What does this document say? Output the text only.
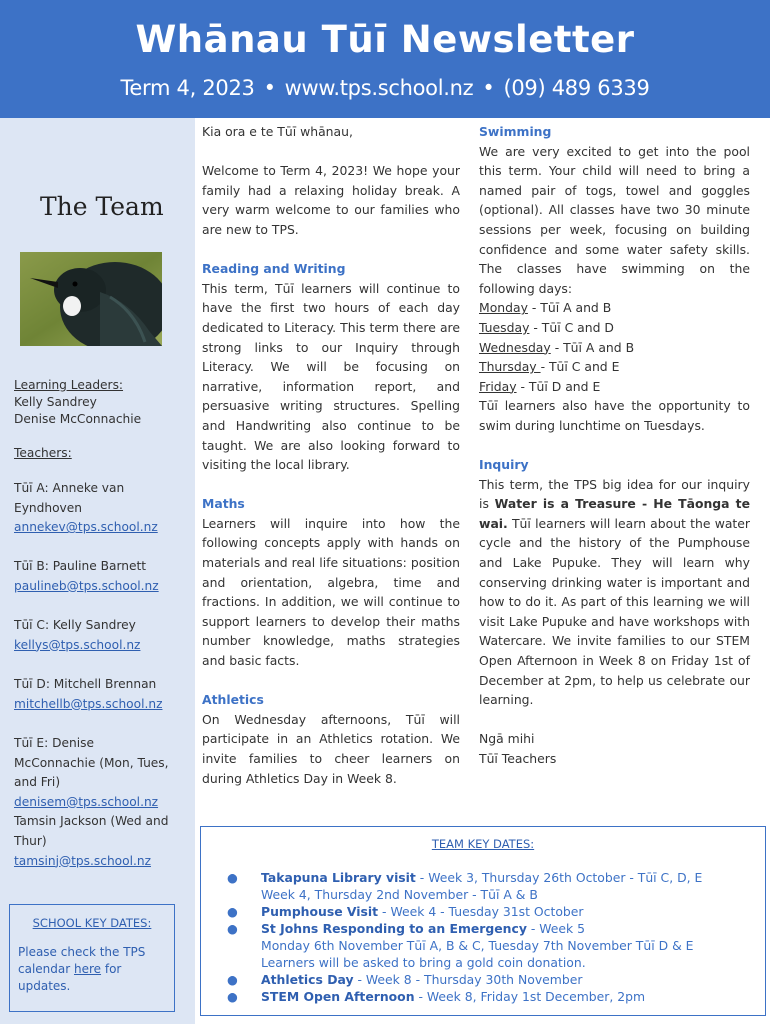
Whānau Tūī Newsletter
Term 4, 2023 • www.tps.school.nz • (09) 489 6339
The Team
Learning Leaders:
Kelly Sandrey
Denise McConnachie
Teachers:
Tūī A: Anneke van Eyndhoven
annekev@tps.school.nz
Tūī B: Pauline Barnett
paulineb@tps.school.nz
Tūī C: Kelly Sandrey
kellys@tps.school.nz
Tūī D: Mitchell Brennan
mitchellb@tps.school.nz
Tūī E: Denise McConnachie (Mon, Tues, and Fri)
denisem@tps.school.nz
Tamsin Jackson (Wed and Thur)
tamsinj@tps.school.nz
SCHOOL KEY DATES:
Please check the TPS calendar here for updates.

Kia ora e te Tūī whānau,

Welcome to Term 4, 2023! We hope your family had a relaxing holiday break. A very warm welcome to our families who are new to TPS.

Reading and Writing

This term, Tūī learners will continue to have the first two hours of each day dedicated to Literacy. This term there are strong links to our Inquiry through Literacy. We will be focusing on narrative, information report, and persuasive writing structures. Spelling and Handwriting also continue to be taught. We are also looking forward to visiting the local library.

Maths

Learners will inquire into how the following concepts apply with hands on materials and real life situations: position and orientation, algebra, time and fractions. In addition, we will continue to support learners to develop their maths number knowledge, maths strategies and basic facts.

Athletics

On Wednesday afternoons, Tūī will participate in an Athletics rotation. We invite families to cheer learners on during Athletics Day in Week 8.

Swimming

We are very excited to get into the pool this term. Your child will need to bring a named pair of togs, towel and goggles (optional). All classes have two 30 minute sessions per week, focusing on building confidence and some water safety skills. The classes have swimming on the following days:

Monday - Tūī A and B

Tuesday - Tūī C and D

Wednesday - Tūī A and B

Thursday - Tūī C and E

Friday - Tūī D and E

Tūī learners also have the opportunity to swim during lunchtime on Tuesdays.

Inquiry

This term, the TPS big idea for our inquiry is Water is a Treasure - He Tāonga te wai. Tūī learners will learn about the water cycle and the history of the Pumphouse and Lake Pupuke. They will learn why conserving drinking water is important and how to do it. As part of this learning we will visit Lake Pupuke and have workshops with Watercare. We invite families to our STEM Open Afternoon in Week 8 on Friday 1st of December at 2pm, to help us celebrate our learning.

Ngā mihi

Tūī Teachers

TEAM KEY DATES:
● Takapuna Library visit - Week 3, Thursday 26th October - Tūī C, D, E
Week 4, Thursday 2nd November - Tūī A & B
● Pumphouse Visit - Week 4 - Tuesday 31st October
● St Johns Responding to an Emergency - Week 5
Monday 6th November Tūī A, B & C, Tuesday 7th November Tūī D & E
Learners will be asked to bring a gold coin donation.
● Athletics Day - Week 8 - Thursday 30th November
● STEM Open Afternoon - Week 8, Friday 1st December, 2pm
